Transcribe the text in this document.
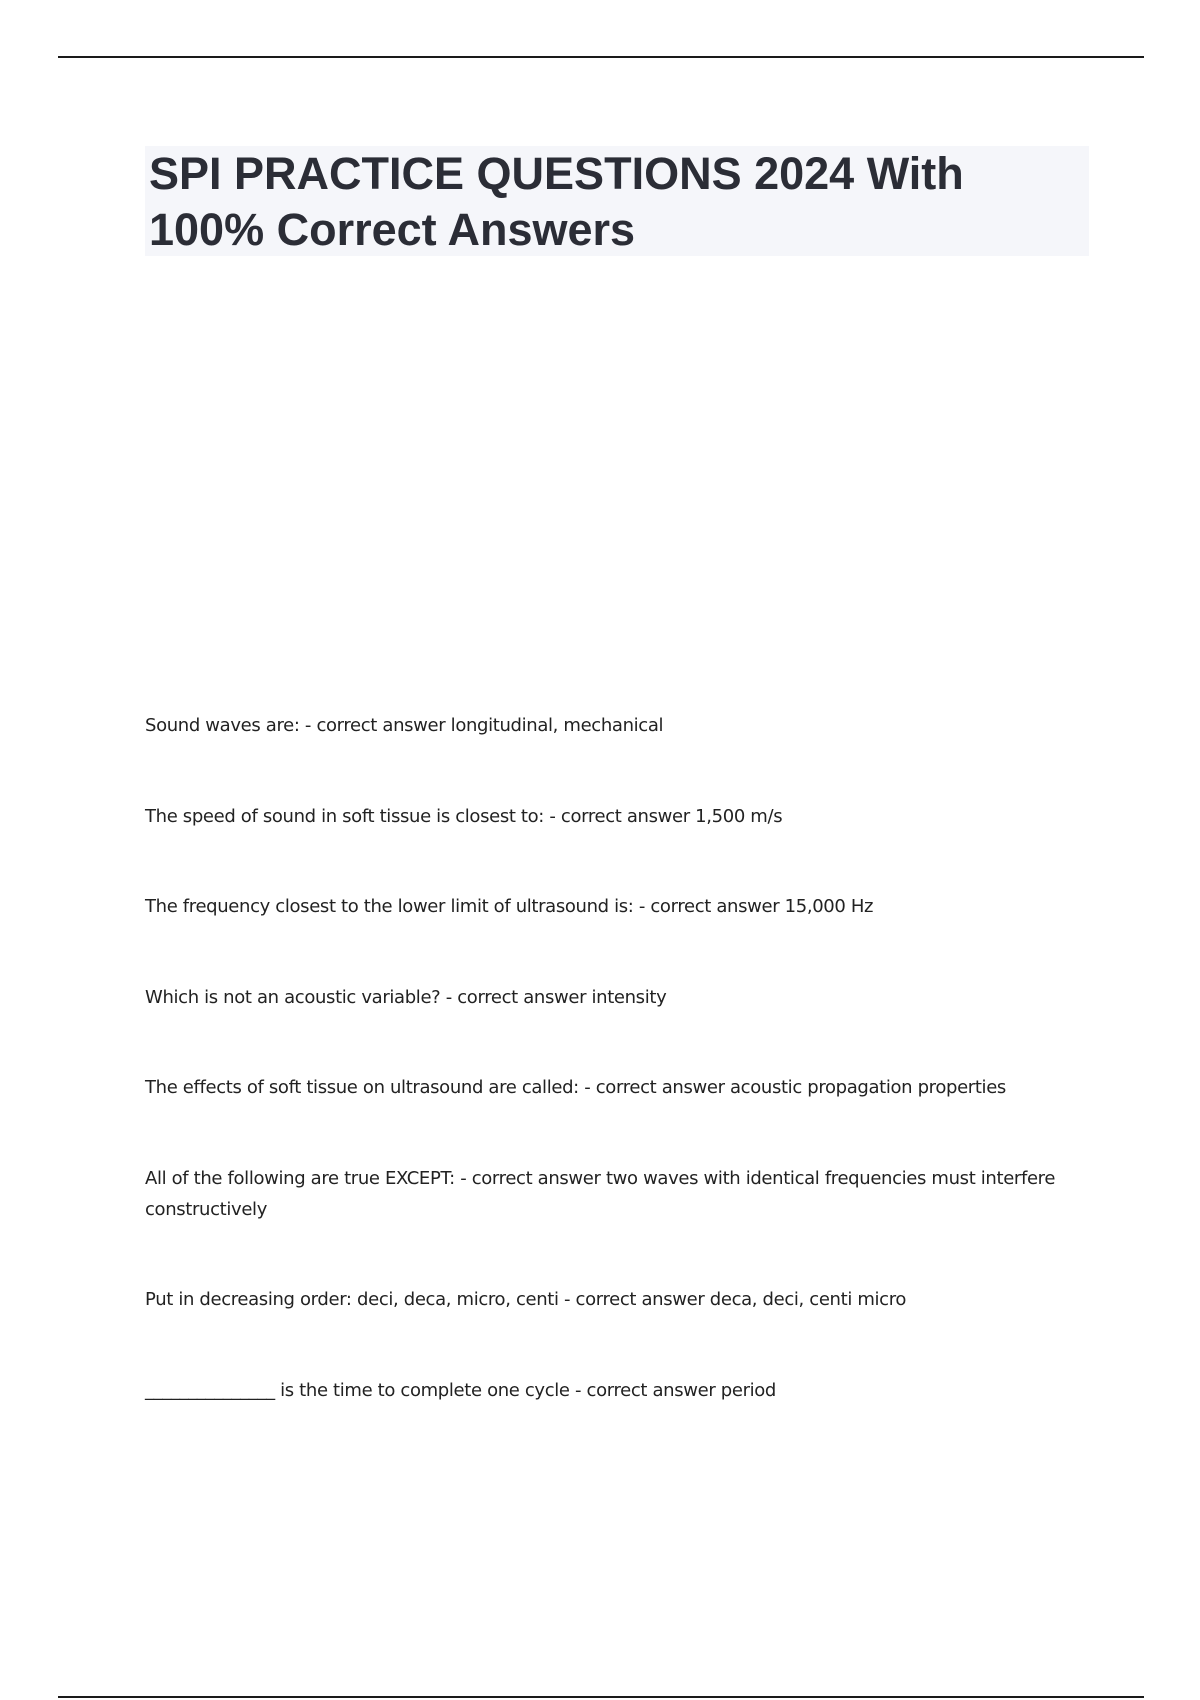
SPI PRACTICE QUESTIONS 2024 With 100% Correct Answers
Sound waves are: - correct answer longitudinal, mechanical
The speed of sound in soft tissue is closest to: - correct answer 1,500 m/s
The frequency closest to the lower limit of ultrasound is: - correct answer 15,000 Hz
Which is not an acoustic variable? - correct answer intensity
The effects of soft tissue on ultrasound are called: - correct answer acoustic propagation properties
All of the following are true EXCEPT: - correct answer two waves with identical frequencies must interfere constructively
Put in decreasing order: deci, deca, micro, centi - correct answer deca, deci, centi micro
_______________ is the time to complete one cycle - correct answer period
